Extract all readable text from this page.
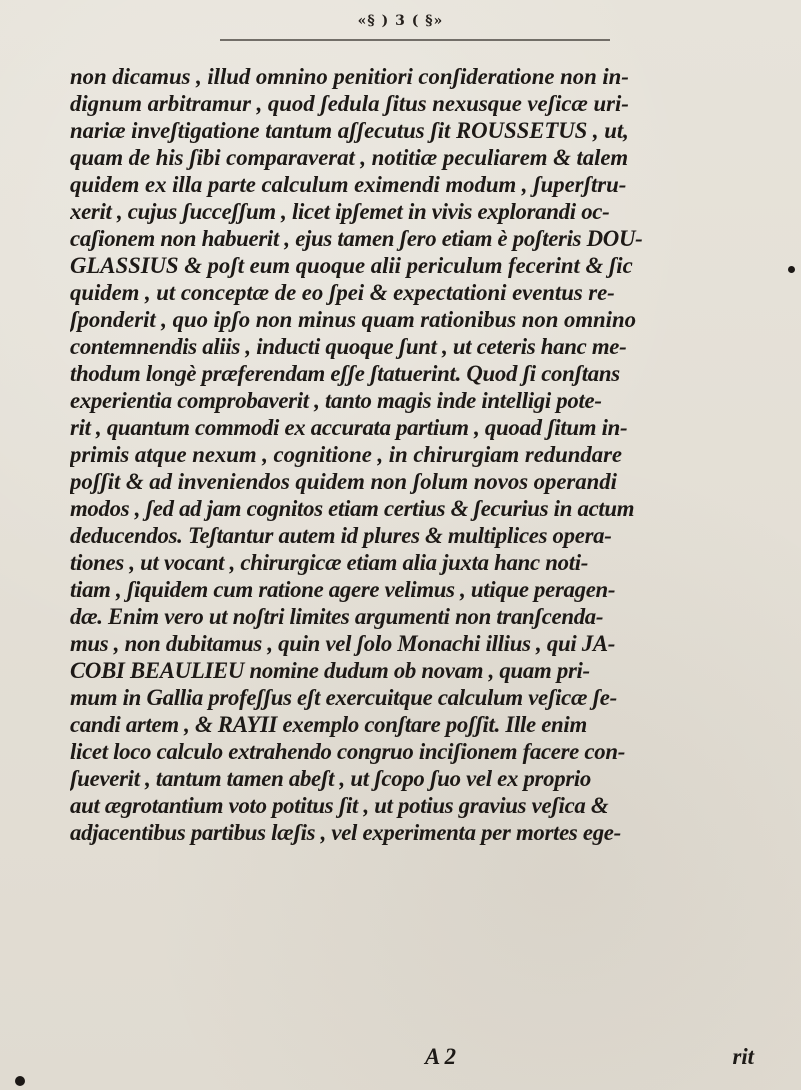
«§ ) 3 ( §»
non dicamus , illud omnino penitiori conʃideratione non in-
dignum arbitramur , quod ʃedula ʃitus nexusque veʃicæ uri-
nariæ inveʃtigatione tantum aʃʃecutus ʃit ROUSSETUS , ut,
quam de his ʃibi comparaverat , notitiæ peculiarem & talem
quidem ex illa parte calculum eximendi modum , ʃuperʃtru-
xerit , cujus ʃucceʃʃum , licet ipʃemet in vivis explorandi oc-
caʃionem non habuerit , ejus tamen ʃero etiam è poʃteris DOU-
GLASSIUS & poʃt eum quoque alii periculum fecerint & ʃic
quidem , ut conceptæ de eo ʃpei & expectationi eventus re-
ʃponderit , quo ipʃo non minus quam rationibus non omnino
contemnendis aliis , inducti quoque ʃunt , ut ceteris hanc me-
thodum longè præferendam eʃʃe ʃtatuerint. Quod ʃi conʃtans
experientia comprobaverit , tanto magis inde intelligi pote-
rit , quantum commodi ex accurata partium , quoad ʃitum in-
primis atque nexum , cognitione , in chirurgiam redundare
poʃʃit & ad inveniendos quidem non ʃolum novos operandi
modos , ʃed ad jam cognitos etiam certius & ʃecurius in actum
deducendos. Teʃtantur autem id plures & multiplices opera-
tiones , ut vocant , chirurgicæ etiam alia juxta hanc noti-
tiam , ʃiquidem cum ratione agere velimus , utique peragen-
dæ. Enim vero ut noʃtri limites argumenti non tranʃcenda-
mus , non dubitamus , quin vel ʃolo Monachi illius , qui JA-
COBI BEAULIEU nomine dudum ob novam , quam pri-
mum in Gallia profeʃʃus eʃt exercuitque calculum veʃicæ ʃe-
candi artem , & RAYII exemplo conʃtare poʃʃit. Ille enim
licet loco calculo extrahendo congruo inciʃionem facere con-
ʃueverit , tantum tamen abeʃt , ut ʃcopo ʃuo vel ex proprio
aut ægrotantium voto potitus ʃit , ut potius gravius veʃica &
adjacentibus partibus læʃis , vel experimenta per mortes ege-
A 2	rit
